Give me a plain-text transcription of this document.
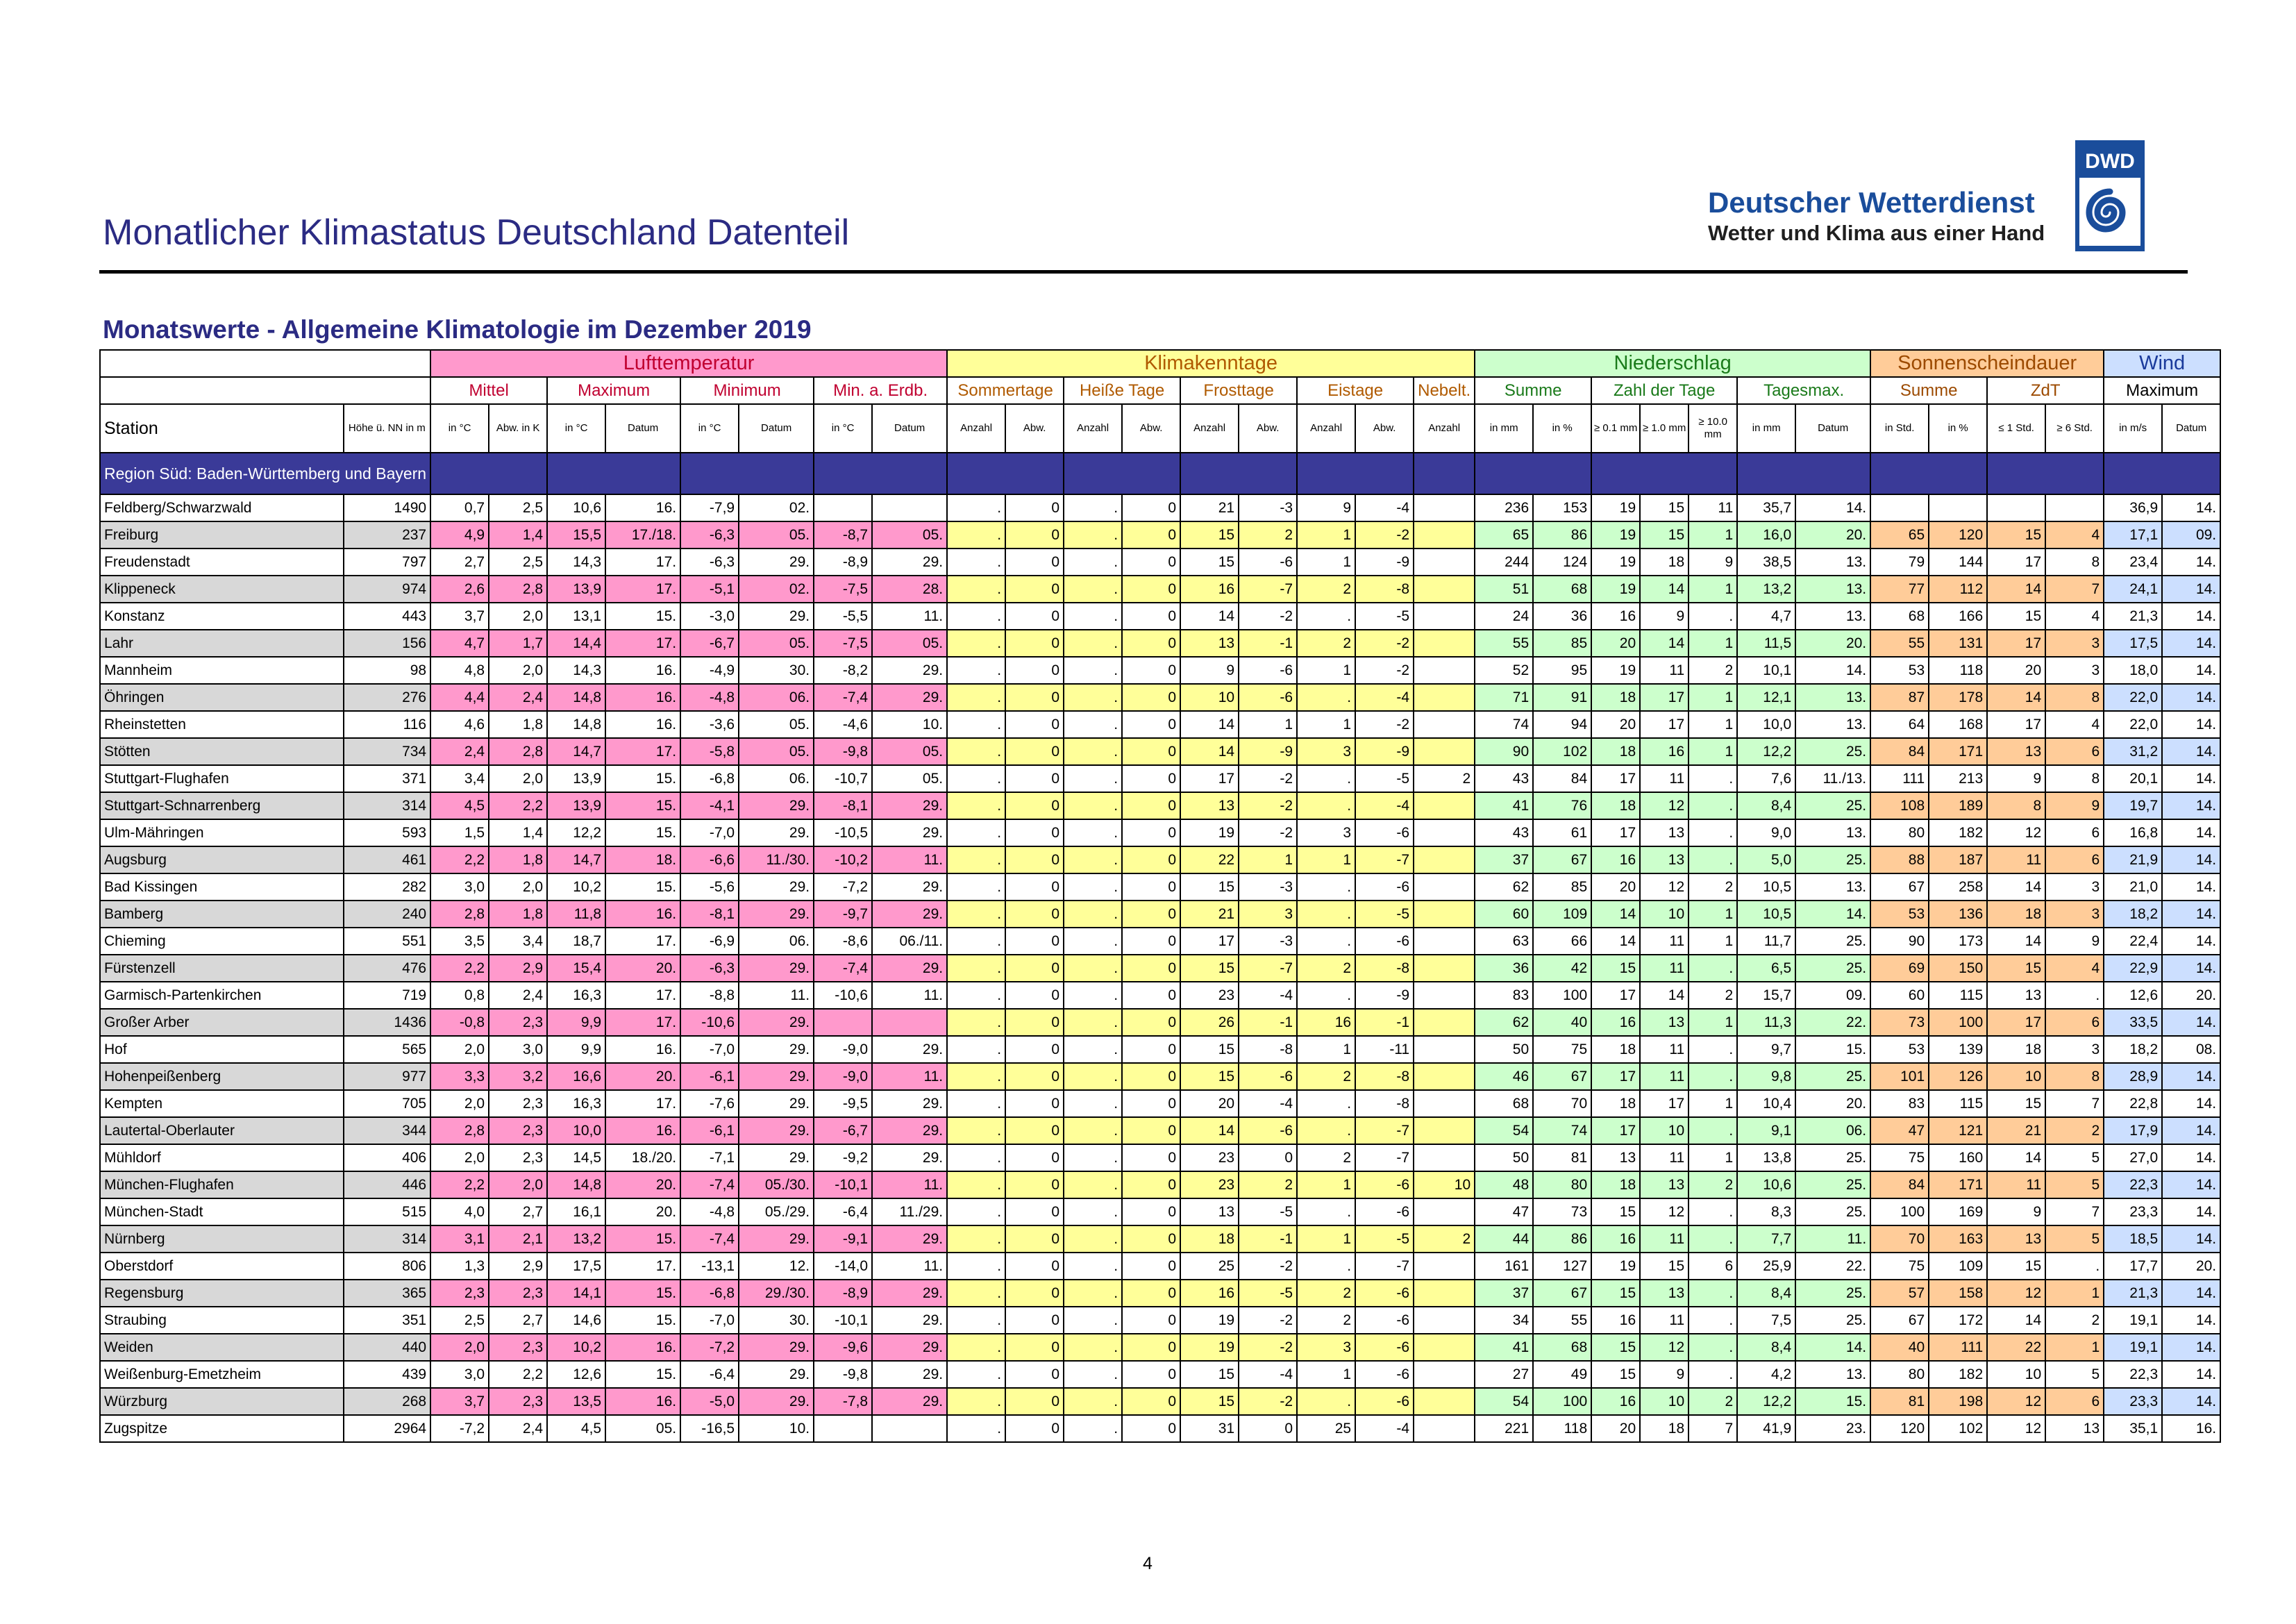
Monatlicher Klimastatus Deutschland Datenteil
Deutscher Wetterdienst
Wetter und Klima aus einer Hand
DWD
Monatswerte - Allgemeine Klimatologie im Dezember 2019
		Lufttemperatur								Klimakenntage									Niederschlag							Sonnenscheindauer				Wind	
		Mittel		Maximum		Minimum		Min. a. Erdb.		Sommertage		Heiße Tage		Frosttage		Eistage		Nebelt.	Summe		Zahl der Tage			Tagesmax.		Summe		ZdT		Maximum	
Station	Höhe ü. NN in m	in °C	Abw. in K	in °C	Datum	in °C	Datum	in °C	Datum	Anzahl	Abw.	Anzahl	Abw.	Anzahl	Abw.	Anzahl	Abw.	Anzahl	in mm	in %	≥ 0.1 mm	≥ 1.0 mm	≥ 10.0 mm	in mm	Datum	in Std.	in %	≤ 1 Std.	≥ 6 Std.	in m/s	Datum
Region Süd: Baden-Württemberg und Bayern																															
Feldberg/Schwarzwald	1490	0,7	2,5	10,6	16.	-7,9	02.			.	0	.	0	21	-3	9	-4		236	153	19	15	11	35,7	14.					36,9	14.
Freiburg	237	4,9	1,4	15,5	17./18.	-6,3	05.	-8,7	05.	.	0	.	0	15	2	1	-2		65	86	19	15	1	16,0	20.	65	120	15	4	17,1	09.
Freudenstadt	797	2,7	2,5	14,3	17.	-6,3	29.	-8,9	29.	.	0	.	0	15	-6	1	-9		244	124	19	18	9	38,5	13.	79	144	17	8	23,4	14.
Klippeneck	974	2,6	2,8	13,9	17.	-5,1	02.	-7,5	28.	.	0	.	0	16	-7	2	-8		51	68	19	14	1	13,2	13.	77	112	14	7	24,1	14.
Konstanz	443	3,7	2,0	13,1	15.	-3,0	29.	-5,5	11.	.	0	.	0	14	-2	.	-5		24	36	16	9	.	4,7	13.	68	166	15	4	21,3	14.
Lahr	156	4,7	1,7	14,4	17.	-6,7	05.	-7,5	05.	.	0	.	0	13	-1	2	-2		55	85	20	14	1	11,5	20.	55	131	17	3	17,5	14.
Mannheim	98	4,8	2,0	14,3	16.	-4,9	30.	-8,2	29.	.	0	.	0	9	-6	1	-2		52	95	19	11	2	10,1	14.	53	118	20	3	18,0	14.
Öhringen	276	4,4	2,4	14,8	16.	-4,8	06.	-7,4	29.	.	0	.	0	10	-6	.	-4		71	91	18	17	1	12,1	13.	87	178	14	8	22,0	14.
Rheinstetten	116	4,6	1,8	14,8	16.	-3,6	05.	-4,6	10.	.	0	.	0	14	1	1	-2		74	94	20	17	1	10,0	13.	64	168	17	4	22,0	14.
Stötten	734	2,4	2,8	14,7	17.	-5,8	05.	-9,8	05.	.	0	.	0	14	-9	3	-9		90	102	18	16	1	12,2	25.	84	171	13	6	31,2	14.
Stuttgart-Flughafen	371	3,4	2,0	13,9	15.	-6,8	06.	-10,7	05.	.	0	.	0	17	-2	.	-5	2	43	84	17	11	.	7,6	11./13.	111	213	9	8	20,1	14.
Stuttgart-Schnarrenberg	314	4,5	2,2	13,9	15.	-4,1	29.	-8,1	29.	.	0	.	0	13	-2	.	-4		41	76	18	12	.	8,4	25.	108	189	8	9	19,7	14.
Ulm-Mähringen	593	1,5	1,4	12,2	15.	-7,0	29.	-10,5	29.	.	0	.	0	19	-2	3	-6		43	61	17	13	.	9,0	13.	80	182	12	6	16,8	14.
Augsburg	461	2,2	1,8	14,7	18.	-6,6	11./30.	-10,2	11.	.	0	.	0	22	1	1	-7		37	67	16	13	.	5,0	25.	88	187	11	6	21,9	14.
Bad Kissingen	282	3,0	2,0	10,2	15.	-5,6	29.	-7,2	29.	.	0	.	0	15	-3	.	-6		62	85	20	12	2	10,5	13.	67	258	14	3	21,0	14.
Bamberg	240	2,8	1,8	11,8	16.	-8,1	29.	-9,7	29.	.	0	.	0	21	3	.	-5		60	109	14	10	1	10,5	14.	53	136	18	3	18,2	14.
Chieming	551	3,5	3,4	18,7	17.	-6,9	06.	-8,6	06./11.	.	0	.	0	17	-3	.	-6		63	66	14	11	1	11,7	25.	90	173	14	9	22,4	14.
Fürstenzell	476	2,2	2,9	15,4	20.	-6,3	29.	-7,4	29.	.	0	.	0	15	-7	2	-8		36	42	15	11	.	6,5	25.	69	150	15	4	22,9	14.
Garmisch-Partenkirchen	719	0,8	2,4	16,3	17.	-8,8	11.	-10,6	11.	.	0	.	0	23	-4	.	-9		83	100	17	14	2	15,7	09.	60	115	13	.	12,6	20.
Großer Arber	1436	-0,8	2,3	9,9	17.	-10,6	29.			.	0	.	0	26	-1	16	-1		62	40	16	13	1	11,3	22.	73	100	17	6	33,5	14.
Hof	565	2,0	3,0	9,9	16.	-7,0	29.	-9,0	29.	.	0	.	0	15	-8	1	-11		50	75	18	11	.	9,7	15.	53	139	18	3	18,2	08.
Hohenpeißenberg	977	3,3	3,2	16,6	20.	-6,1	29.	-9,0	11.	.	0	.	0	15	-6	2	-8		46	67	17	11	.	9,8	25.	101	126	10	8	28,9	14.
Kempten	705	2,0	2,3	16,3	17.	-7,6	29.	-9,5	29.	.	0	.	0	20	-4	.	-8		68	70	18	17	1	10,4	20.	83	115	15	7	22,8	14.
Lautertal-Oberlauter	344	2,8	2,3	10,0	16.	-6,1	29.	-6,7	29.	.	0	.	0	14	-6	.	-7		54	74	17	10	.	9,1	06.	47	121	21	2	17,9	14.
Mühldorf	406	2,0	2,3	14,5	18./20.	-7,1	29.	-9,2	29.	.	0	.	0	23	0	2	-7		50	81	13	11	1	13,8	25.	75	160	14	5	27,0	14.
München-Flughafen	446	2,2	2,0	14,8	20.	-7,4	05./30.	-10,1	11.	.	0	.	0	23	2	1	-6	10	48	80	18	13	2	10,6	25.	84	171	11	5	22,3	14.
München-Stadt	515	4,0	2,7	16,1	20.	-4,8	05./29.	-6,4	11./29.	.	0	.	0	13	-5	.	-6		47	73	15	12	.	8,3	25.	100	169	9	7	23,3	14.
Nürnberg	314	3,1	2,1	13,2	15.	-7,4	29.	-9,1	29.	.	0	.	0	18	-1	1	-5	2	44	86	16	11	.	7,7	11.	70	163	13	5	18,5	14.
Oberstdorf	806	1,3	2,9	17,5	17.	-13,1	12.	-14,0	11.	.	0	.	0	25	-2	.	-7		161	127	19	15	6	25,9	22.	75	109	15	.	17,7	20.
Regensburg	365	2,3	2,3	14,1	15.	-6,8	29./30.	-8,9	29.	.	0	.	0	16	-5	2	-6		37	67	15	13	.	8,4	25.	57	158	12	1	21,3	14.
Straubing	351	2,5	2,7	14,6	15.	-7,0	30.	-10,1	29.	.	0	.	0	19	-2	2	-6		34	55	16	11	.	7,5	25.	67	172	14	2	19,1	14.
Weiden	440	2,0	2,3	10,2	16.	-7,2	29.	-9,6	29.	.	0	.	0	19	-2	3	-6		41	68	15	12	.	8,4	14.	40	111	22	1	19,1	14.
Weißenburg-Emetzheim	439	3,0	2,2	12,6	15.	-6,4	29.	-9,8	29.	.	0	.	0	15	-4	1	-6		27	49	15	9	.	4,2	13.	80	182	10	5	22,3	14.
Würzburg	268	3,7	2,3	13,5	16.	-5,0	29.	-7,8	29.	.	0	.	0	15	-2	.	-6		54	100	16	10	2	12,2	15.	81	198	12	6	23,3	14.
Zugspitze	2964	-7,2	2,4	4,5	05.	-16,5	10.			.	0	.	0	31	0	25	-4		221	118	20	18	7	41,9	23.	120	102	12	13	35,1	16.
4
